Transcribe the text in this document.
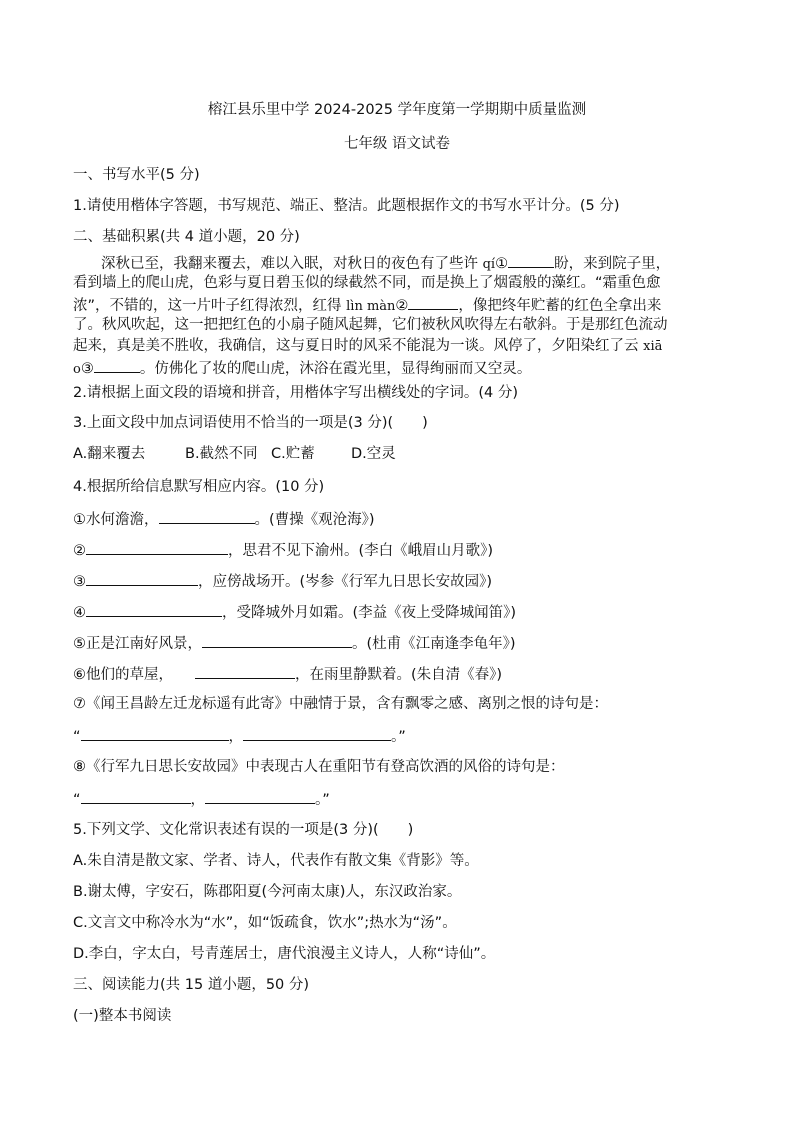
榕江县乐里中学 2024-2025 学年度第一学期期中质量监测
七年级 语文试卷
一、书写水平(5 分)
1.请使用楷体字答题，书写规范、端正、整洁。此题根据作文的书写水平计分。(5 分)
二、基础积累(共 4 道小题，20 分)
深秋已至，我翻来覆去，难以入眠，对秋日的夜色有了些许 qí①	盼，来到院子里，
看到墙上的爬山虎，色彩与夏日碧玉似的绿截然不同，而是换上了烟霞般的藻红。“霜重色愈
浓”，不错的，这一片叶子红得浓烈，红得 lìn màn②	，像把终年贮蓄的红色全拿出来
了。秋风吹起，这一把把红色的小扇子随风起舞，它们被秋风吹得左右欹斜。于是那红色流动
起来，真是美不胜收，我确信，这与夏日时的风采不能混为一谈。风停了，夕阳染红了云 xiā
o③	。仿佛化了妆的爬山虎，沐浴在霞光里，显得绚丽而又空灵。
2.请根据上面文段的语境和拼音，用楷体字写出横线处的字词。(4 分)
3.上面文段中加点词语使用不恰当的一项是(3 分)(　　)
A.翻来覆去	B.截然不同 C.贮蓄	D.空灵
4.根据所给信息默写相应内容。(10 分)
①水何澹澹，	。(曹操《观沧海》)
②	，思君不见下渝州。(李白《峨眉山月歌》)
③	，应傍战场开。(岑参《行军九日思长安故园》)
④	，受降城外月如霜。(李益《夜上受降城闻笛》)
⑤正是江南好风景，	。(杜甫《江南逢李龟年》)
⑥他们的草屋，	，在雨里静默着。(朱自清《春》)
⑦《闻王昌龄左迁龙标遥有此寄》中融情于景，含有飘零之感、离别之恨的诗句是：
“	，	。”
⑧《行军九日思长安故园》中表现古人在重阳节有登高饮酒的风俗的诗句是：
“	，	。”
5.下列文学、文化常识表述有误的一项是(3 分)(　　)
A.朱自清是散文家、学者、诗人，代表作有散文集《背影》等。
B.谢太傅，字安石，陈郡阳夏(今河南太康)人，东汉政治家。
C.文言文中称冷水为“水”，如“饭疏食，饮水”;热水为“汤”。
D.李白，字太白，号青莲居士，唐代浪漫主义诗人，人称“诗仙”。
三、阅读能力(共 15 道小题，50 分)
(一)整本书阅读
